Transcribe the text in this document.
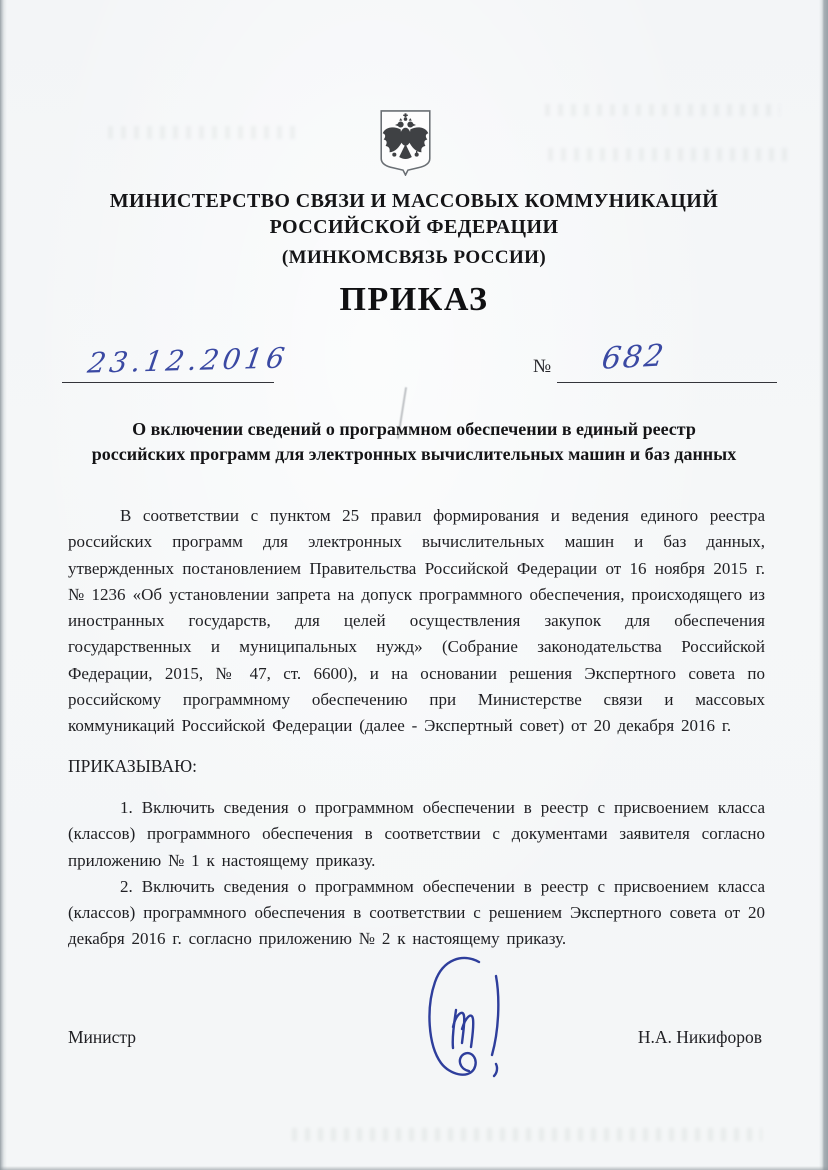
МИНИСТЕРСТВО СВЯЗИ И МАССОВЫХ КОММУНИКАЦИЙ
РОССИЙСКОЙ ФЕДЕРАЦИИ
(МИНКОМСВЯЗЬ РОССИИ)
ПРИКАЗ
23.12.2016	№ 682
О включении сведений о программном обеспечении в единый реестр
российских программ для электронных вычислительных машин и баз данных

В соответствии с пунктом 25 правил формирования и ведения единого реестра российских программ для электронных вычислительных машин и баз данных, утвержденных постановлением Правительства Российской Федерации от 16 ноября 2015 г. № 1236 «Об установлении запрета на допуск программного обеспечения, происходящего из иностранных государств, для целей осуществления закупок для обеспечения государственных и муниципальных нужд» (Собрание законодательства Российской Федерации, 2015, № 47, ст. 6600), и на основании решения Экспертного совета по российскому программному обеспечению при Министерстве связи и массовых коммуникаций Российской Федерации (далее - Экспертный совет) от 20 декабря 2016 г.

ПРИКАЗЫВАЮ:

1. Включить сведения о программном обеспечении в реестр с присвоением класса (классов) программного обеспечения в соответствии с документами заявителя согласно приложению № 1 к настоящему приказу.

2. Включить сведения о программном обеспечении в реестр с присвоением класса (классов) программного обеспечения в соответствии с решением Экспертного совета от 20 декабря 2016 г. согласно приложению № 2 к настоящему приказу.

Министр	Н.А. Никифоров
